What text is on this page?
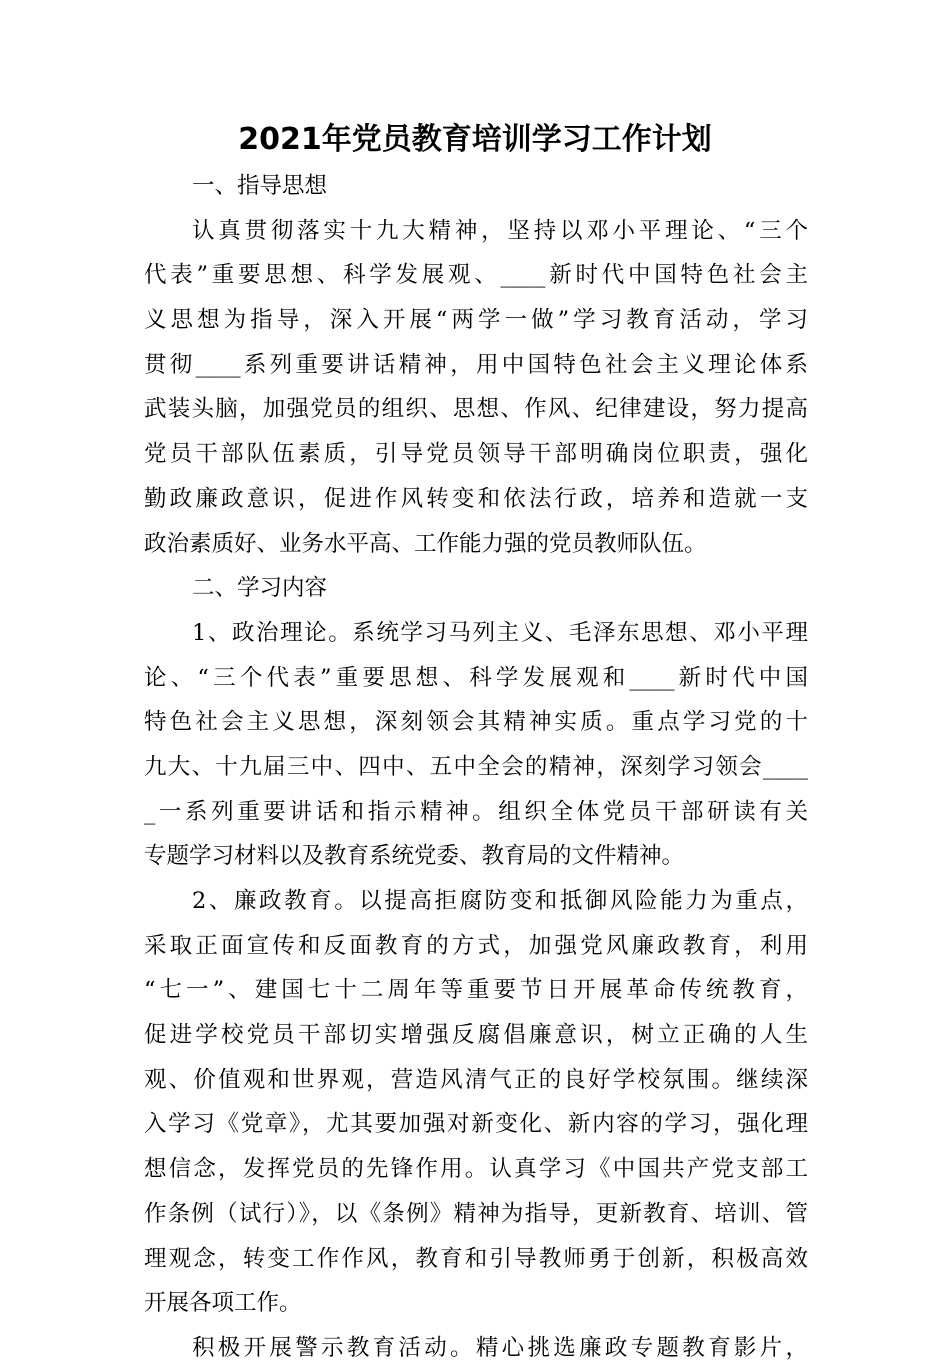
2021年党员教育培训学习工作计划
一、指导思想
认真贯彻落实十九大精神，坚持以邓小平理论、“三个
代表”重要思想、科学发展观、____新时代中国特色社会主
义思想为指导，深入开展“两学一做”学习教育活动，学习
贯彻____系列重要讲话精神，用中国特色社会主义理论体系
武装头脑，加强党员的组织、思想、作风、纪律建设，努力提高
党员干部队伍素质，引导党员领导干部明确岗位职责，强化
勤政廉政意识，促进作风转变和依法行政，培养和造就一支
政治素质好、业务水平高、工作能力强的党员教师队伍。
二、学习内容
1、政治理论。系统学习马列主义、毛泽东思想、邓小平理
论、“三个代表”重要思想、科学发展观和____新时代中国
特色社会主义思想，深刻领会其精神实质。重点学习党的十
九大、十九届三中、四中、五中全会的精神，深刻学习领会____
_一系列重要讲话和指示精神。组织全体党员干部研读有关
专题学习材料以及教育系统党委、教育局的文件精神。
2、廉政教育。以提高拒腐防变和抵御风险能力为重点，
采取正面宣传和反面教育的方式，加强党风廉政教育，利用
“七一”、建国七十二周年等重要节日开展革命传统教育，
促进学校党员干部切实增强反腐倡廉意识，树立正确的人生
观、价值观和世界观，营造风清气正的良好学校氛围。继续深
入学习《党章》，尤其要加强对新变化、新内容的学习，强化理
想信念，发挥党员的先锋作用。认真学习《中国共产党支部工
作条例（试行）》，以《条例》精神为指导，更新教育、培训、管
理观念，转变工作作风，教育和引导教师勇于创新，积极高效
开展各项工作。
积极开展警示教育活动。精心挑选廉政专题教育影片，
